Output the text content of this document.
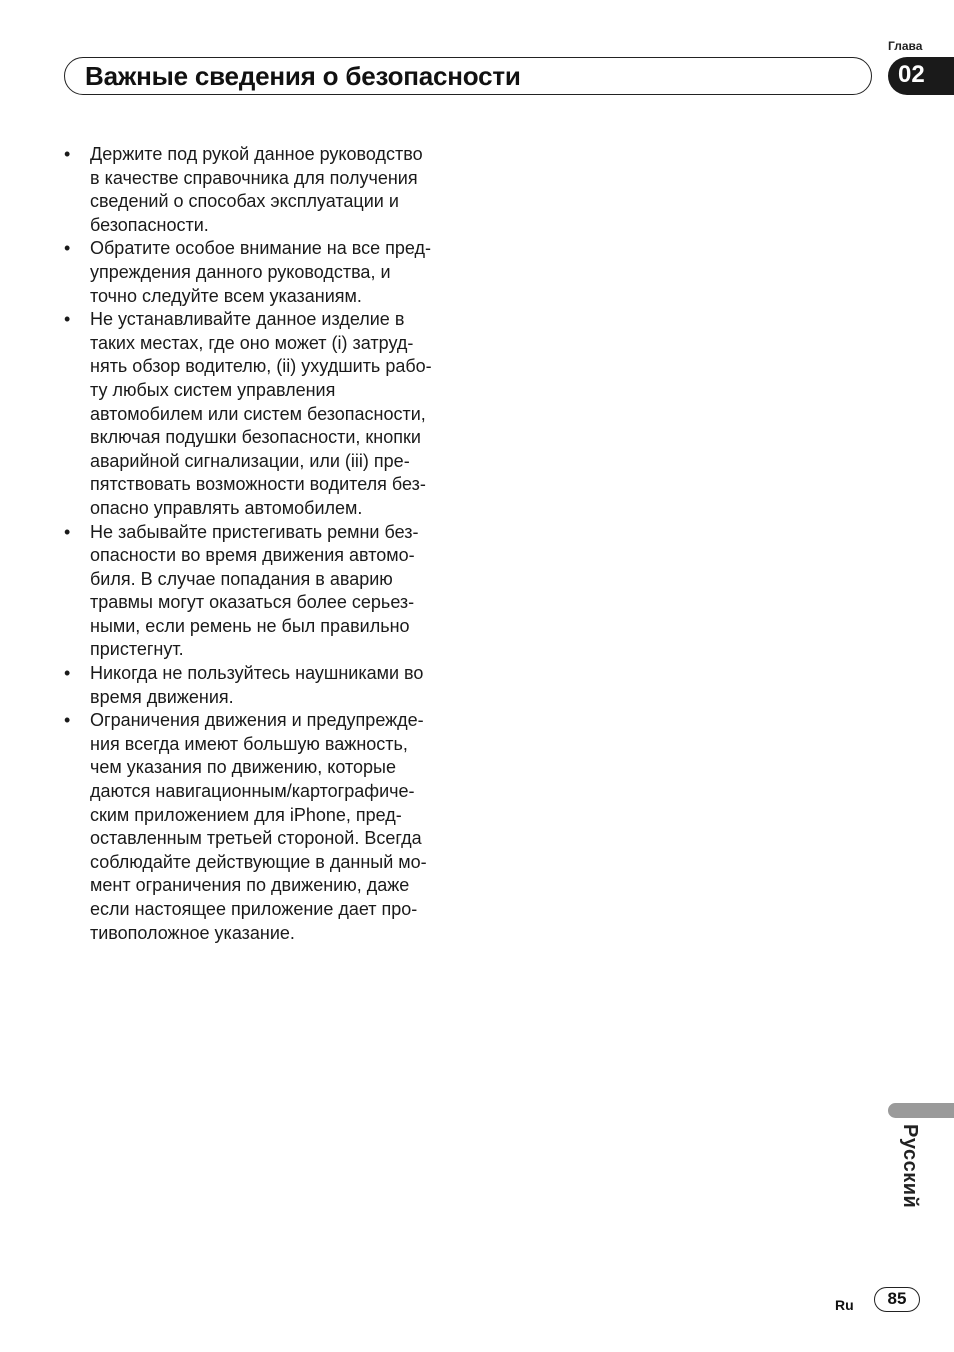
Важные сведения о безопасности
Глава
02
• Держите под рукой данное руководство
в качестве справочника для получения
сведений о способах эксплуатации и
безопасности.
• Обратите особое внимание на все пред-
упреждения данного руководства, и
точно следуйте всем указаниям.
• Не устанавливайте данное изделие в
таких местах, где оно может (i) затруд-
нять обзор водителю, (ii) ухудшить рабо-
ту любых систем управления
автомобилем или систем безопасности,
включая подушки безопасности, кнопки
аварийной сигнализации, или (iii) пре-
пятствовать возможности водителя без-
опасно управлять автомобилем.
• Не забывайте пристегивать ремни без-
опасности во время движения автомо-
биля. В случае попадания в аварию
травмы могут оказаться более серьез-
ными, если ремень не был правильно
пристегнут.
• Никогда не пользуйтесь наушниками во
время движения.
• Ограничения движения и предупрежде-
ния всегда имеют большую важность,
чем указания по движению, которые
даются навигационным/картографиче-
ским приложением для iPhone, пред-
оставленным третьей стороной. Всегда
соблюдайте действующие в данный мо-
мент ограничения по движению, даже
если настоящее приложение дает про-
тивоположное указание.
Русский
Ru	85
